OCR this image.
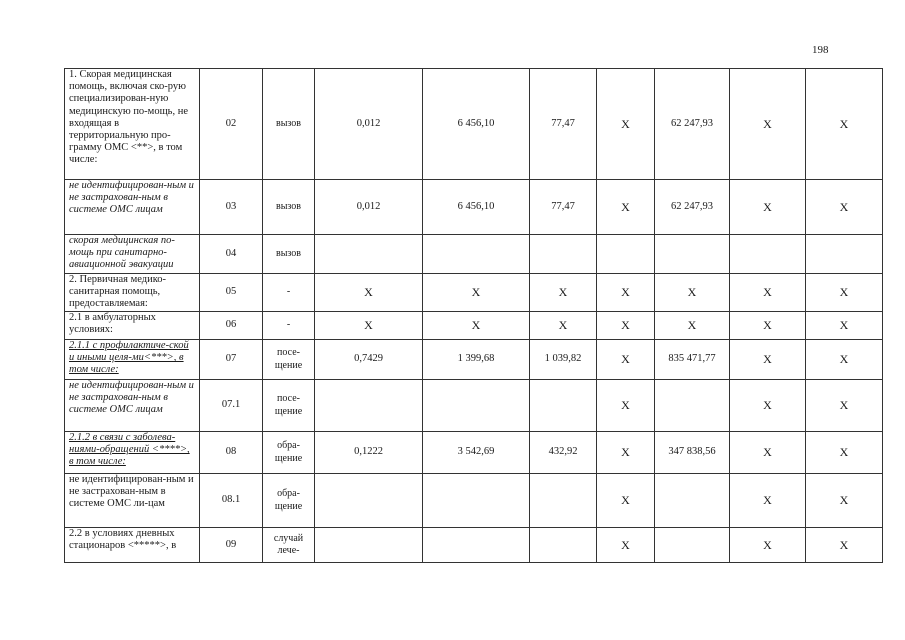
198
1. Скорая медицинская помощь, включая ско-рую специализирован-ную медицинскую по-мощь, не входящая в территориальную про-грамму ОМС <**>, в том числе:	02	вызов	0,012	6 456,10	77,47	X	62 247,93	X	X
не идентифицирован-ным и не застрахован-ным в системе ОМС лицам	03	вызов	0,012	6 456,10	77,47	X	62 247,93	X	X
скорая медицинская по-мощь при санитарно-авиационной эвакуации	04	вызов							
2. Первичная медико-санитарная помощь, предоставляемая:	05	-	X	X	X	X	X	X	X
2.1 в амбулаторных условиях:	06	-	X	X	X	X	X	X	X
2.1.1 с профилактиче-ской и иными целя-ми<***>, в том числе:	07	посе-щение	0,7429	1 399,68	1 039,82	X	835 471,77	X	X
не идентифицирован-ным и не застрахован-ным в системе ОМС лицам	07.1	посе-щение				X		X	X
2.1.2 в связи с заболева-ниями-обращений <****>, в том числе:	08	обра-щение	0,1222	3 542,69	432,92	X	347 838,56	X	X
не идентифицирован-ным и не застрахован-ным в системе ОМС ли-цам	08.1	обра-щение				X		X	X
2.2 в условиях дневных стационаров <*****>, в	09	случай лече-				X		X	X
